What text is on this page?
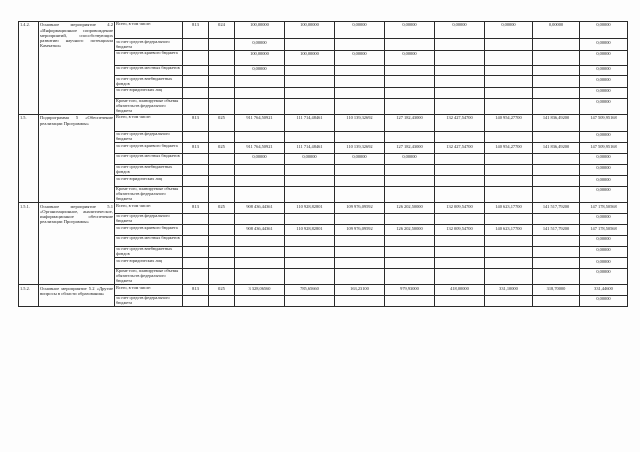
1.4.2.	Основное мероприятие 4.2 «Информационное сопровождение мероприятий, способствующих развитию научного потенциала Камчатки»	Всего, в том числе:	813	024	100,00000	100,00000	0,00000	0,00000	0,00000	0,00000	0,00000	0,00000
		за счет средств федерального бюджета			0,00000							0,00000
		за счет средств краевого бюджета			100,00000	100,00000	0,00000	0,00000				0,00000
		за счет средств местных бюджетов			0,00000							0,00000
		за счет средств внебюджетных фондов										0,00000
		за счет юридических лиц										0,00000
		Кроме того, планируемые объемы обязательств федерального бюджета										0,00000
1.5.	Подпрограмма 5 «Обеспечение реализации Программы»	Всего, в том числе:	813	025	911 764,50921	111 714,48461	110 139,32692	127 182,43000	132 427,54700	140 954,27700	141 836,49200	147 509,95168
		за счет средств федерального бюджета										0,00000
		за счет средств краевого бюджета	813	025	911 764,50921	111 714,48461	110 139,32692	127 182,43000	132 427,54700	140 954,27700	141 836,49200	147 509,95168
		за счет средств местных бюджетов			0,00000	0,00000	0,00000	0,00000				0,00000
		за счет средств внебюджетных фондов										0,00000
		за счет юридических лиц										0,00000
		Кроме того, планируемые объемы обязательств федерального бюджета										0,00000
1.5.1.	Основное мероприятие 5.1 «Организационное, аналитическое, информационное обеспечение реализации Программы»	Всего, в том числе:	813	025	908 436,44361	110 928,82801	109 976,09592	126 202,50000	132 009,54700	140 623,17700	141 517,79200	147 178,50568
		за счет средств федерального бюджета										0,00000
		за счет средств краевого бюджета			908 436,44361	110 928,82801	109 976,09592	126 202,50000	132 009,54700	140 623,17700	141 517,79200	147 178,50568
		за счет средств местных бюджетов										0,00000
		за счет средств внебюджетных фондов										0,00000
		за счет юридических лиц										0,00000
		Кроме того, планируемые объемы обязательств федерального бюджета										0,00000
1.5.2.	Основное мероприятие 5.2 «Другие вопросы в области образования»	Всего, в том числе:	813	025	3 328,06560	785,65660	163,23100	979,93000	418,00000	331,10000	318,70000	331,44600
		за счет средств федерального бюджета										0,00000
